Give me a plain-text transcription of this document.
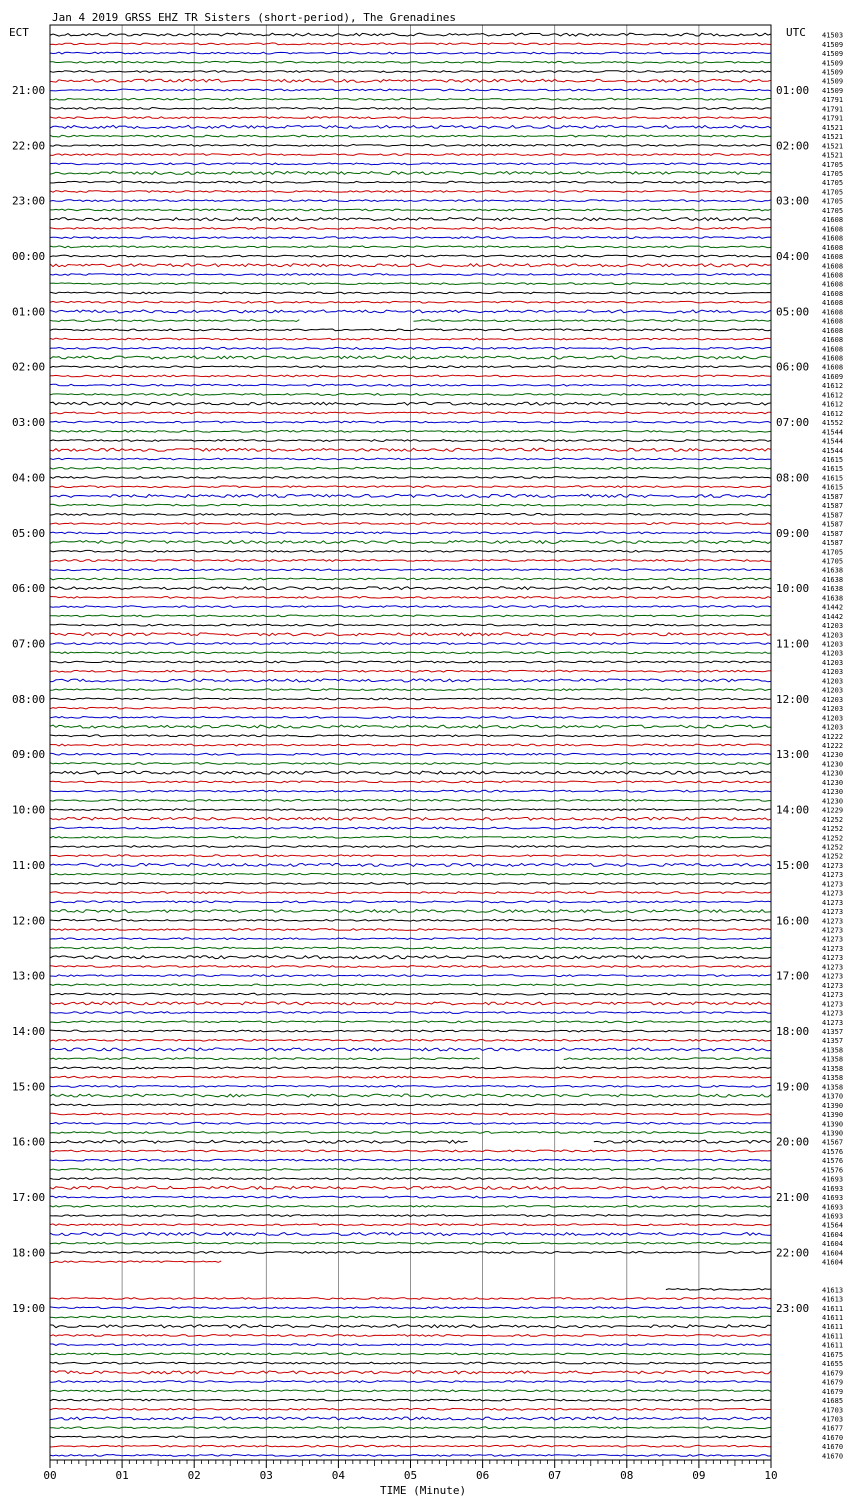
00	01	02	03	04	05	06	07	08	09	10
21:00	01:00
22:00	02:00
23:00	03:00
00:00	04:00
01:00	05:00
02:00	06:00
03:00	07:00
04:00	08:00
05:00	09:00
06:00	10:00
07:00	11:00
08:00	12:00
09:00	13:00
10:00	14:00
11:00	15:00
12:00	16:00
13:00	17:00
14:00	18:00
15:00	19:00
16:00	20:00
17:00	21:00
18:00	22:00
19:00	23:00
41503
41509
41509
41509
41509
41509
41509
41791
41791
41791
41521
41521
41521
41521
41705
41705
41705
41705
41705
41705
41608
41608
41608
41608
41608
41608
41608
41608
41608
41608
41608
41608
41608
41608
41608
41608
41608
41609
41612
41612
41612
41612
41552
41544
41544
41544
41615
41615
41615
41615
41587
41587
41587
41587
41587
41587
41705
41705
41638
41638
41638
41638
41442
41442
41203
41203
41203
41203
41203
41203
41203
41203
41203
41203
41203
41203
41222
41222
41230
41230
41230
41230
41230
41230
41229
41252
41252
41252
41252
41252
41273
41273
41273
41273
41273
41273
41273
41273
41273
41273
41273
41273
41273
41273
41273
41273
41273
41273
41357
41357
41358
41358
41358
41358
41358
41370
41390
41390
41390
41390
41567
41576
41576
41576
41693
41693
41693
41693
41693
41564
41604
41604
41604
41604
41613
41613
41611
41611
41611
41611
41611
41675
41655
41679
41679
41679
41685
41703
41703
41677
41670
41670
41670
Jan 4 2019 GRSS EHZ TR Sisters (short-period), The Grenadines
ECT	UTC
TIME (Minute)
